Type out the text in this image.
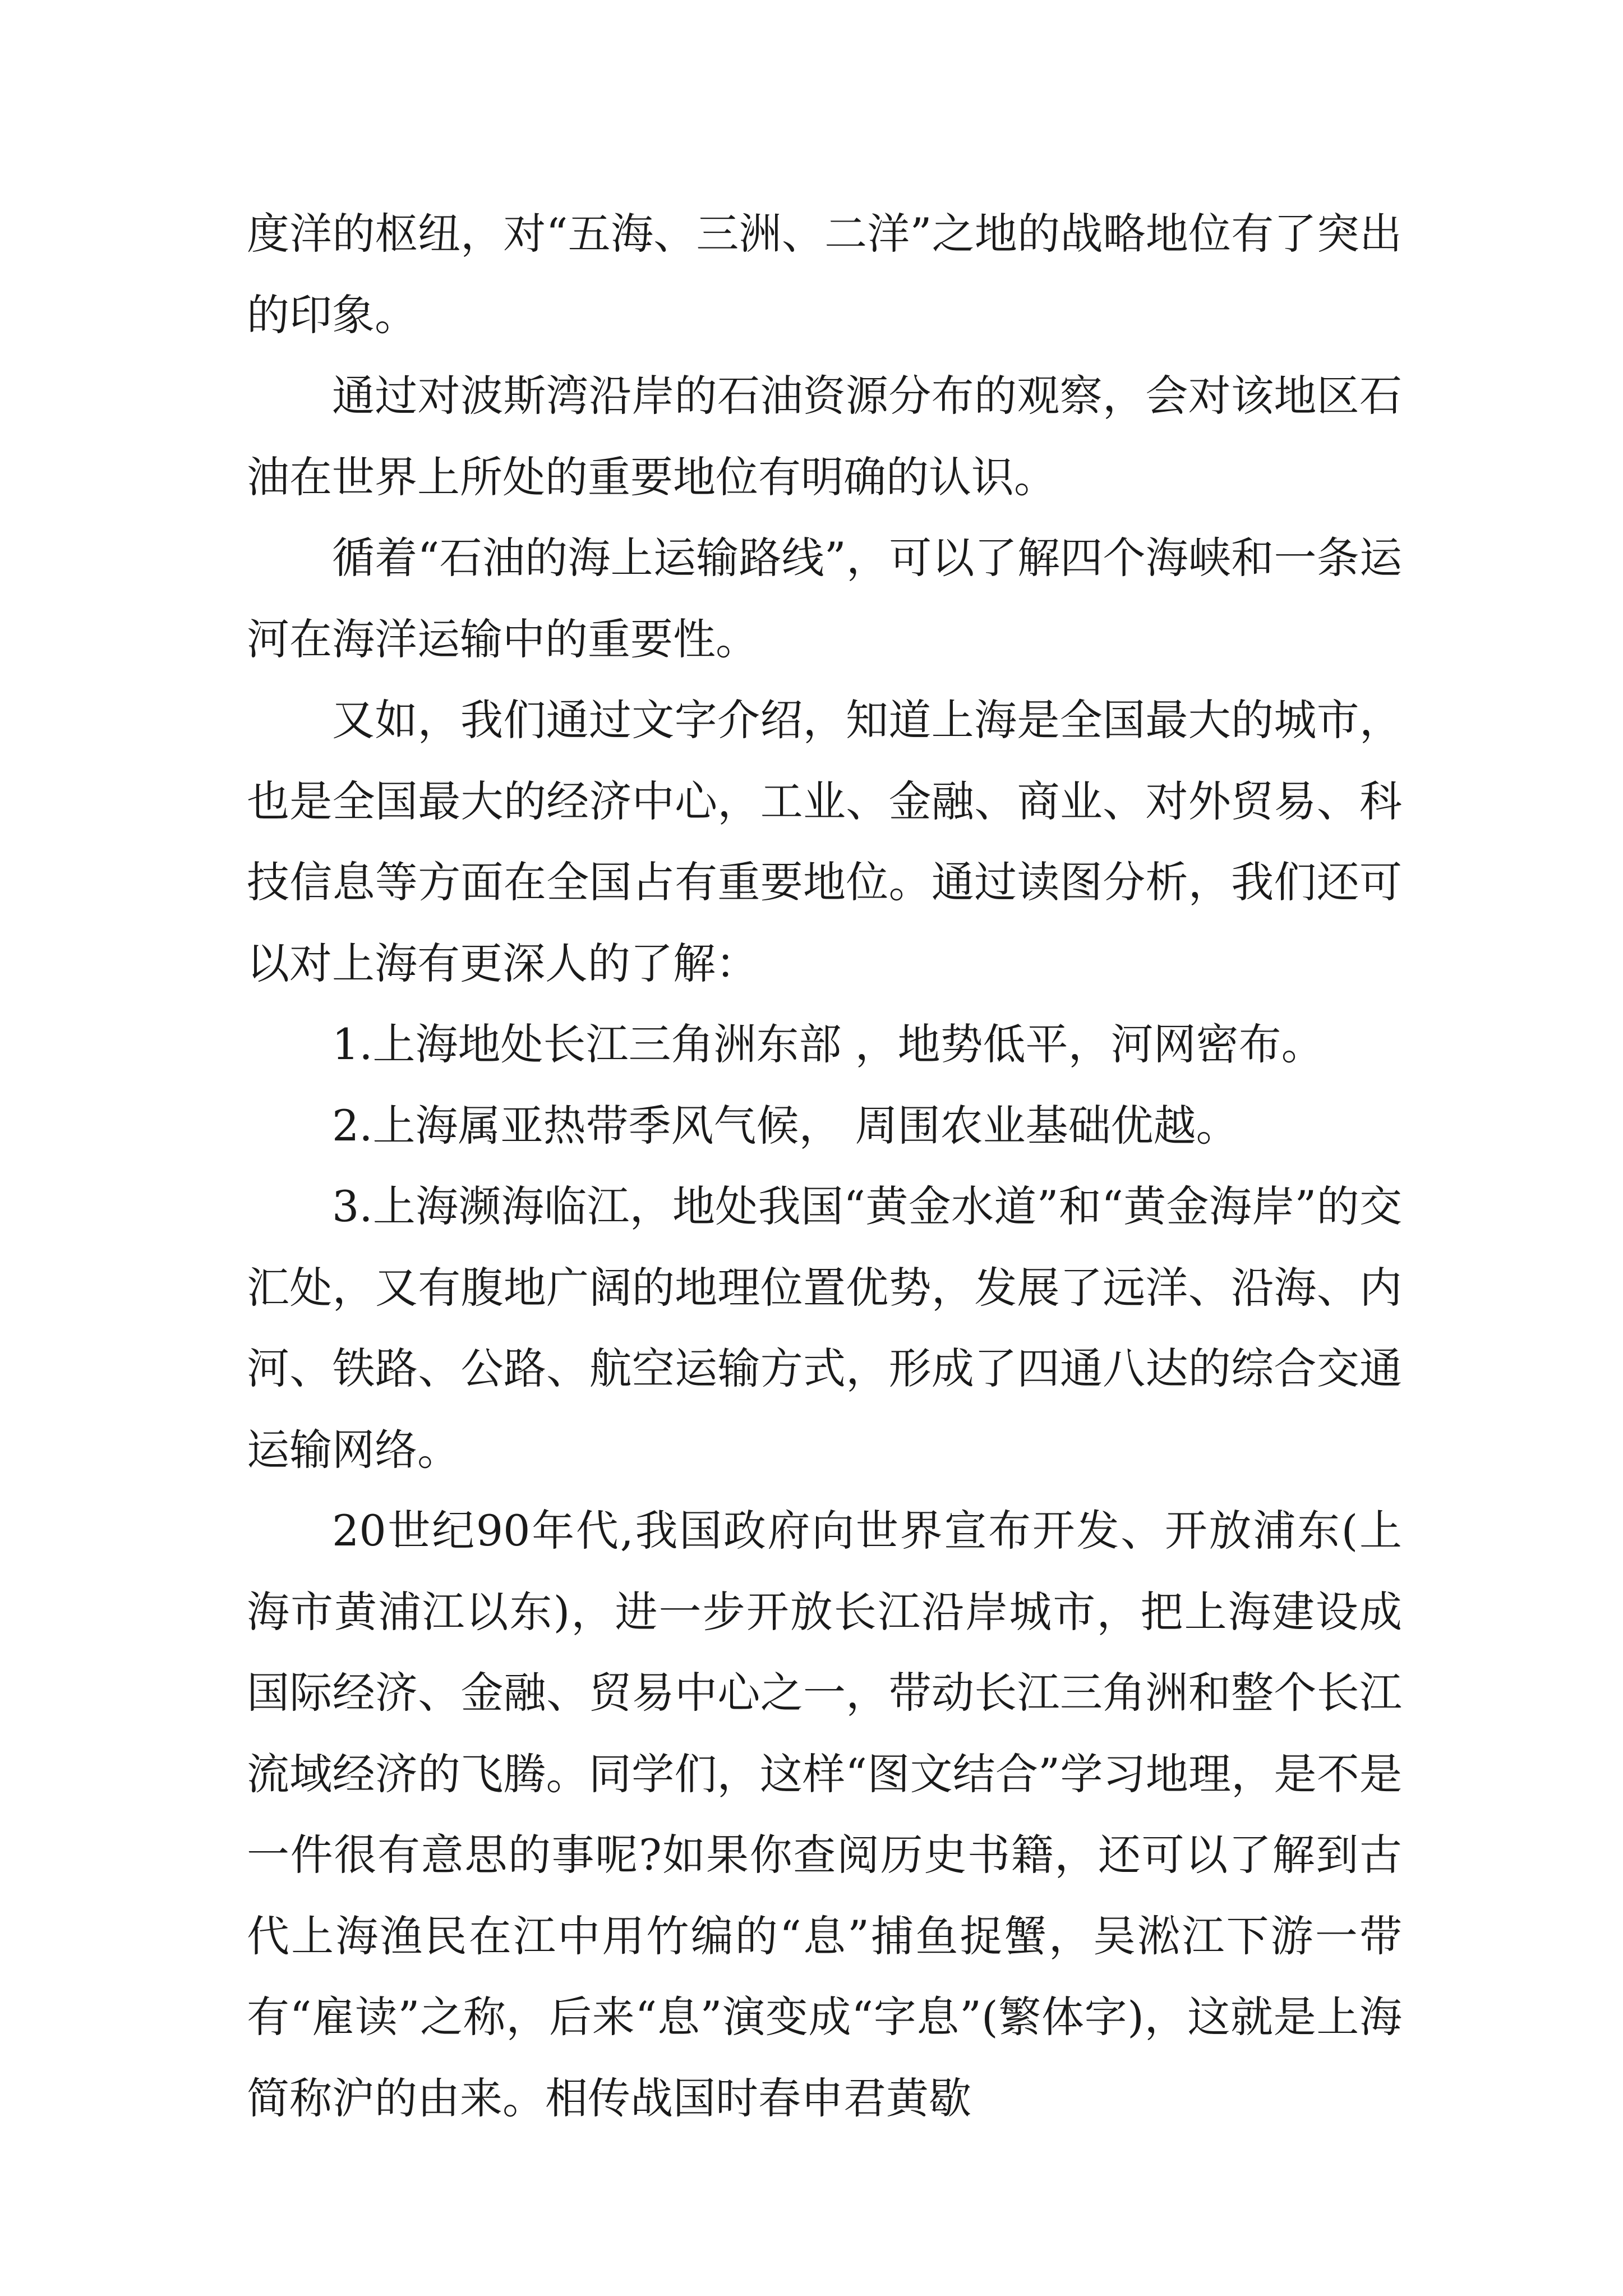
度洋的枢纽，对“五海、三洲、二洋”之地的战略地位有了突出的印象。

通过对波斯湾沿岸的石油资源分布的观察，会对该地区石油在世界上所处的重要地位有明确的认识。

循着“石油的海上运输路线”，可以了解四个海峡和一条运河在海洋运输中的重要性。

又如，我们通过文字介绍，知道上海是全国最大的城市，也是全国最大的经济中心，工业、金融、商业、对外贸易、科技信息等方面在全国占有重要地位。通过读图分析，我们还可以对上海有更深人的了解：

1.上海地处长江三角洲东部 ，地势低平，河网密布。

2.上海属亚热带季风气候， 周围农业基础优越。

3.上海濒海临江，地处我国“黄金水道”和“黄金海岸”的交汇处，又有腹地广阔的地理位置优势，发展了远洋、沿海、内河、铁路、公路、航空运输方式，形成了四通八达的综合交通运输网络。

20世纪90年代,我国政府向世界宣布开发、开放浦东(上海市黄浦江以东)，进一步开放长江沿岸城市，把上海建设成国际经济、金融、贸易中心之一，带动长江三角洲和整个长江流域经济的飞腾。同学们，这样“图文结合”学习地理，是不是一件很有意思的事呢?如果你查阅历史书籍，还可以了解到古代上海渔民在江中用竹编的“息”捕鱼捉蟹，吴淞江下游一带有“雇读”之称，后来“息”演变成“字息”(繁体字)，这就是上海简称沪的由来。相传战国时春申君黄歇
